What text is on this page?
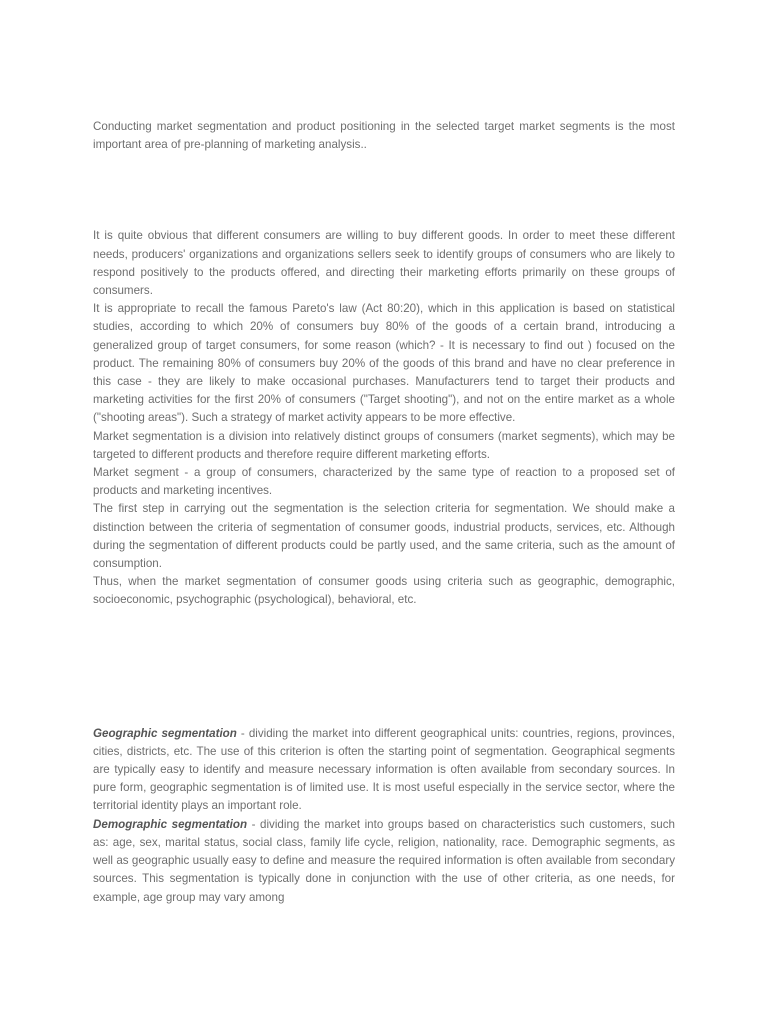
Conducting market segmentation and product positioning in the selected target market segments is the most important area of pre-planning of marketing analysis..

It is quite obvious that different consumers are willing to buy different goods. In order to meet these different needs, producers' organizations and organizations sellers seek to identify groups of consumers who are likely to respond positively to the products offered, and directing their marketing efforts primarily on these groups of consumers.

It is appropriate to recall the famous Pareto's law (Act 80:20), which in this application is based on statistical studies, according to which 20% of consumers buy 80% of the goods of a certain brand, introducing a generalized group of target consumers, for some reason (which? - It is necessary to find out ) focused on the product. The remaining 80% of consumers buy 20% of the goods of this brand and have no clear preference in this case - they are likely to make occasional purchases. Manufacturers tend to target their products and marketing activities for the first 20% of consumers ("Target shooting"), and not on the entire market as a whole ("shooting areas"). Such a strategy of market activity appears to be more effective.

Market segmentation is a division into relatively distinct groups of consumers (market segments), which may be targeted to different products and therefore require different marketing efforts.

Market segment - a group of consumers, characterized by the same type of reaction to a proposed set of products and marketing incentives.

The first step in carrying out the segmentation is the selection criteria for segmentation. We should make a distinction between the criteria of segmentation of consumer goods, industrial products, services, etc. Although during the segmentation of different products could be partly used, and the same criteria, such as the amount of consumption.

Thus, when the market segmentation of consumer goods using criteria such as geographic, demographic, socioeconomic, psychographic (psychological), behavioral, etc.

Geographic segmentation - dividing the market into different geographical units: countries, regions, provinces, cities, districts, etc. The use of this criterion is often the starting point of segmentation. Geographical segments are typically easy to identify and measure necessary information is often available from secondary sources. In pure form, geographic segmentation is of limited use. It is most useful especially in the service sector, where the territorial identity plays an important role.

Demographic segmentation - dividing the market into groups based on characteristics such customers, such as: age, sex, marital status, social class, family life cycle, religion, nationality, race. Demographic segments, as well as geographic usually easy to define and measure the required information is often available from secondary sources. This segmentation is typically done in conjunction with the use of other criteria, as one needs, for example, age group may vary among
